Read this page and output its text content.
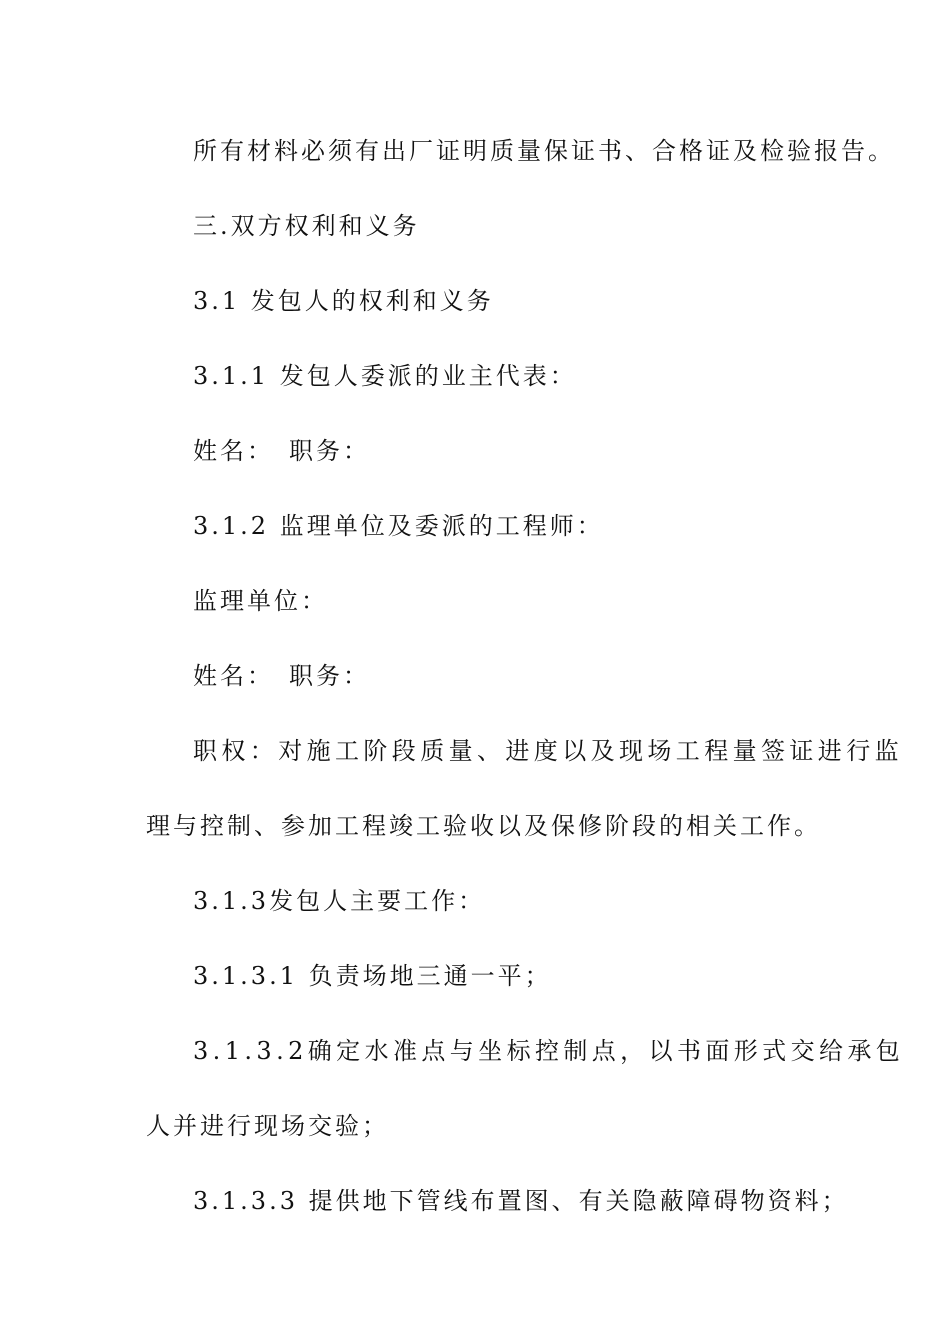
所有材料必须有出厂证明质量保证书、合格证及检验报告。

三.双方权利和义务

3.1 发包人的权利和义务

3.1.1 发包人委派的业主代表：

姓名：　职务：

3.1.2 监理单位及委派的工程师：

监理单位：

姓名：　职务：

职权：对施工阶段质量、进度以及现场工程量签证进行监

理与控制、参加工程竣工验收以及保修阶段的相关工作。

3.1.3发包人主要工作：

3.1.3.1 负责场地三通一平；

3.1.3.2确定水准点与坐标控制点，以书面形式交给承包

人并进行现场交验；

3.1.3.3 提供地下管线布置图、有关隐蔽障碍物资料；
